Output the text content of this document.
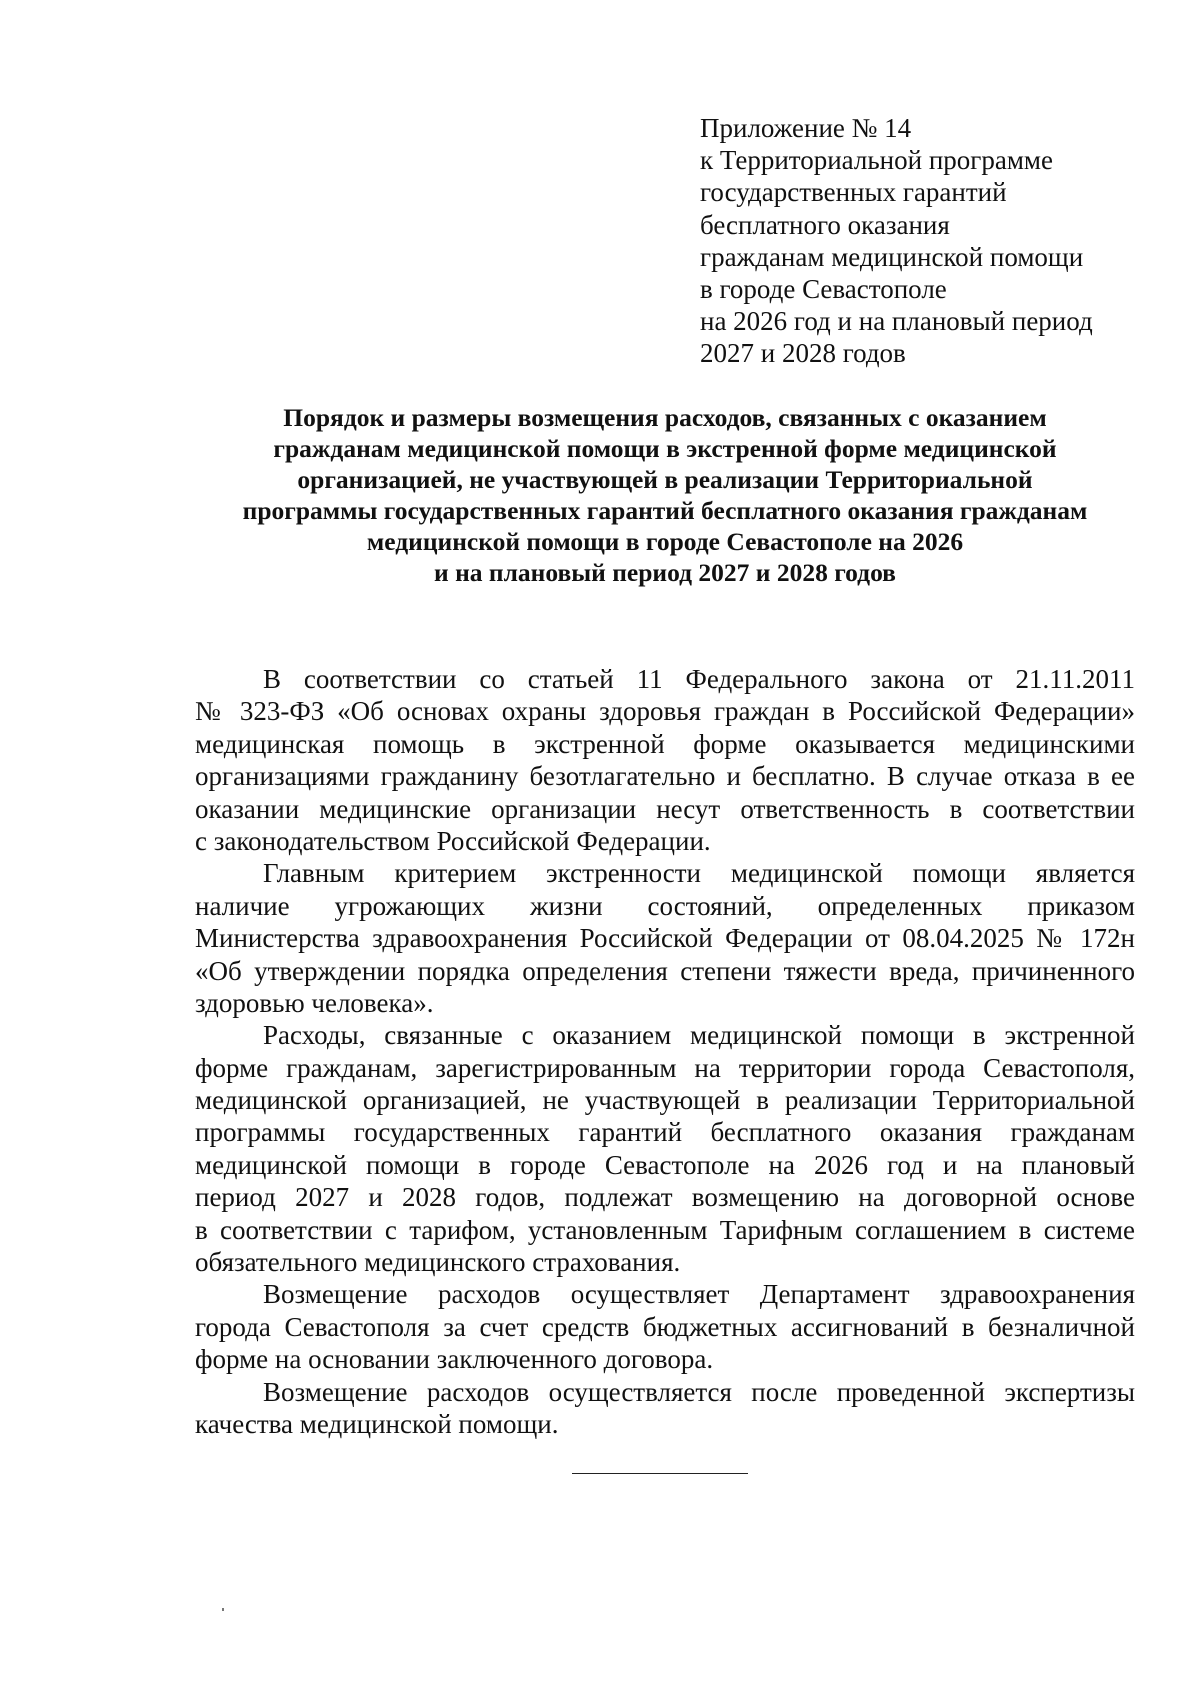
Приложение № 14
к Территориальной программе
государственных гарантий
бесплатного оказания
гражданам медицинской помощи
в городе Севастополе
на 2026 год и на плановый период
2027 и 2028 годов
Порядок и размеры возмещения расходов, связанных с оказанием
гражданам медицинской помощи в экстренной форме медицинской
организацией, не участвующей в реализации Территориальной
программы государственных гарантий бесплатного оказания гражданам
медицинской помощи в городе Севастополе на 2026
и на плановый период 2027 и 2028 годов
В соответствии со статьей 11 Федерального закона от 21.11.2011
№ 323-ФЗ «Об основах охраны здоровья граждан в Российской Федерации»
медицинская помощь в экстренной форме оказывается медицинскими
организациями гражданину безотлагательно и бесплатно. В случае отказа в ее
оказании медицинские организации несут ответственность в соответствии
с законодательством Российской Федерации.
Главным критерием экстренности медицинской помощи является
наличие угрожающих жизни состояний, определенных приказом
Министерства здравоохранения Российской Федерации от 08.04.2025 № 172н
«Об утверждении порядка определения степени тяжести вреда, причиненного
здоровью человека».
Расходы, связанные с оказанием медицинской помощи в экстренной
форме гражданам, зарегистрированным на территории города Севастополя,
медицинской организацией, не участвующей в реализации Территориальной
программы государственных гарантий бесплатного оказания гражданам
медицинской помощи в городе Севастополе на 2026 год и на плановый
период 2027 и 2028 годов, подлежат возмещению на договорной основе
в соответствии с тарифом, установленным Тарифным соглашением в системе
обязательного медицинского страхования.
Возмещение расходов осуществляет Департамент здравоохранения
города Севастополя за счет средств бюджетных ассигнований в безналичной
форме на основании заключенного договора.
Возмещение расходов осуществляется после проведенной экспертизы
качества медицинской помощи.
